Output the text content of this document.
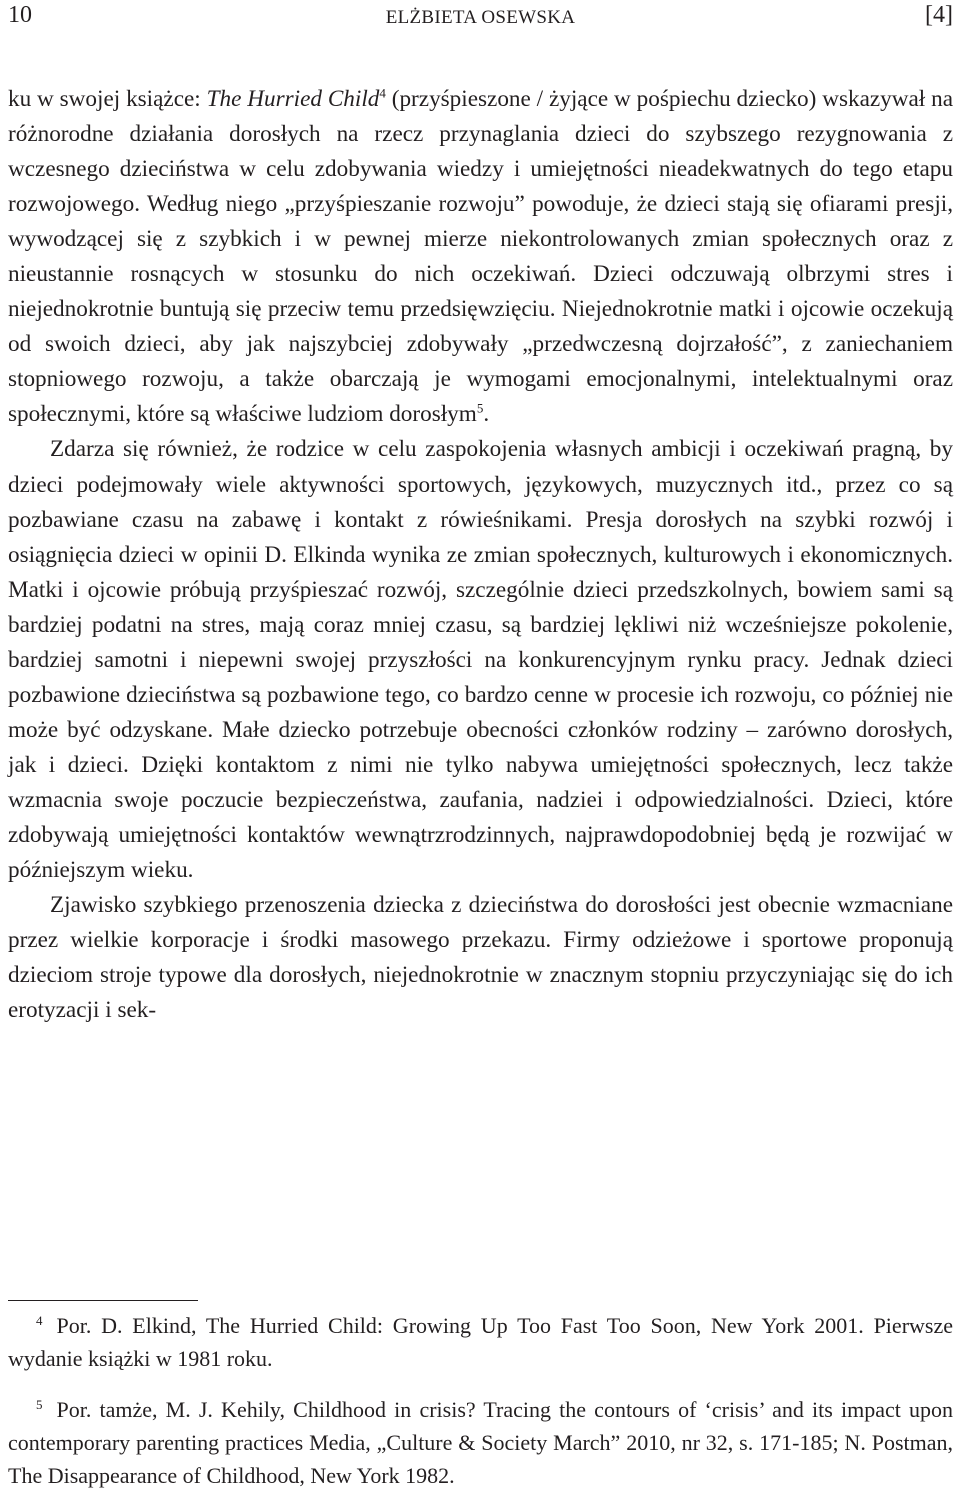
10	ELŻBIETA OSEWSKA	[4]

ku w swojej książce: The Hurried Child$^4$ (przyśpieszone / żyjące w pośpiechu dziecko) wskazywał na różnorodne działania dorosłych na rzecz przynaglania dzieci do szybszego rezygnowania z wczesnego dzieciństwa w celu zdobywania wiedzy i umiejętności nieadekwatnych do tego etapu rozwojowego. Według niego „przyśpieszanie rozwoju” powoduje, że dzieci stają się ofiarami presji, wywodzącej się z szybkich i w pewnej mierze niekontrolowanych zmian społecznych oraz z nieustannie rosnących w stosunku do nich oczekiwań. Dzieci odczuwają olbrzymi stres i niejednokrotnie buntują się przeciw temu przedsięwzięciu. Niejednokrotnie matki i ojcowie oczekują od swoich dzieci, aby jak najszybciej zdobywały „przedwczesną dojrzałość”, z zaniechaniem stopniowego rozwoju, a także obarczają je wymogami emocjonalnymi, intelektualnymi oraz społecznymi, które są właściwe ludziom dorosłym$^5$.

Zdarza się również, że rodzice w celu zaspokojenia własnych ambicji i oczekiwań pragną, by dzieci podejmowały wiele aktywności sportowych, językowych, muzycznych itd., przez co są pozbawiane czasu na zabawę i kontakt z rówieśnikami. Presja dorosłych na szybki rozwój i osiągnięcia dzieci w opinii D. Elkinda wynika ze zmian społecznych, kulturowych i ekonomicznych. Matki i ojcowie próbują przyśpieszać rozwój, szczególnie dzieci przedszkolnych, bowiem sami są bardziej podatni na stres, mają coraz mniej czasu, są bardziej lękliwi niż wcześniejsze pokolenie, bardziej samotni i niepewni swojej przyszłości na konkurencyjnym rynku pracy. Jednak dzieci pozbawione dzieciństwa są pozbawione tego, co bardzo cenne w procesie ich rozwoju, co później nie może być odzyskane. Małe dziecko potrzebuje obecności członków rodziny – zarówno dorosłych, jak i dzieci. Dzięki kontaktom z nimi nie tylko nabywa umiejętności społecznych, lecz także wzmacnia swoje poczucie bezpieczeństwa, zaufania, nadziei i odpowiedzialności. Dzieci, które zdobywają umiejętności kontaktów wewnątrzrodzinnych, najprawdopodobniej będą je rozwijać w późniejszym wieku.

Zjawisko szybkiego przenoszenia dziecka z dzieciństwa do dorosłości jest obecnie wzmacniane przez wielkie korporacje i środki masowego przekazu. Firmy odzieżowe i sportowe proponują dzieciom stroje typowe dla dorosłych, niejednokrotnie w znacznym stopniu przyczyniając się do ich erotyzacji i sek-

$^4$ Por. D. Elkind, The Hurried Child: Growing Up Too Fast Too Soon, New York 2001. Pierwsze wydanie książki w 1981 roku.

$^5$ Por. tamże, M. J. Kehily, Childhood in crisis? Tracing the contours of ‘crisis’ and its impact upon contemporary parenting practices Media, „Culture & Society March” 2010, nr 32, s. 171-185; N. Postman, The Disappearance of Childhood, New York 1982.
